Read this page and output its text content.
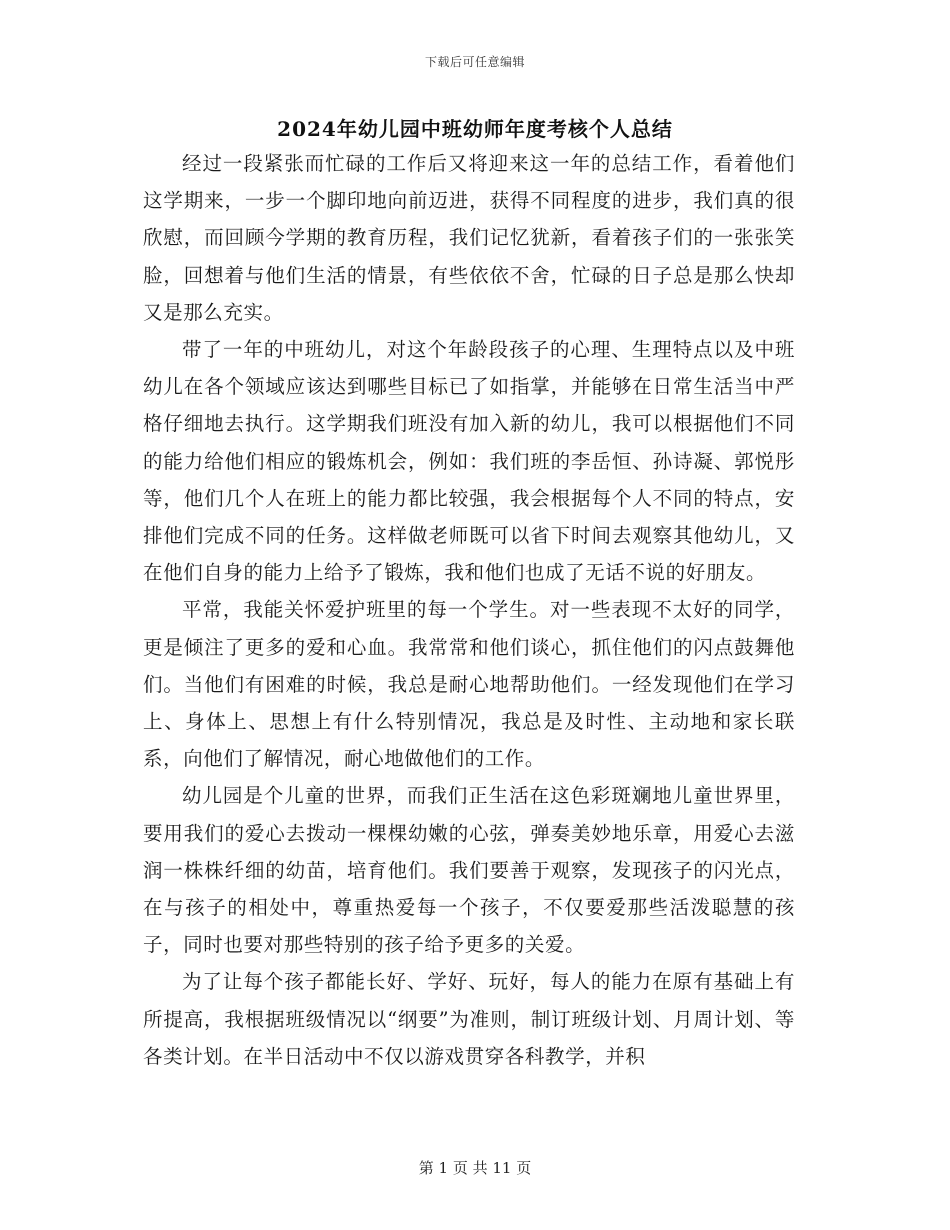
下载后可任意编辑
2024年幼儿园中班幼师年度考核个人总结

经过一段紧张而忙碌的工作后又将迎来这一年的总结工作，看着他们这学期来，一步一个脚印地向前迈进，获得不同程度的进步，我们真的很欣慰，而回顾今学期的教育历程，我们记忆犹新，看着孩子们的一张张笑脸，回想着与他们生活的情景，有些依依不舍，忙碌的日子总是那么快却又是那么充实。

带了一年的中班幼儿，对这个年龄段孩子的心理、生理特点以及中班幼儿在各个领域应该达到哪些目标已了如指掌，并能够在日常生活当中严格仔细地去执行。这学期我们班没有加入新的幼儿，我可以根据他们不同的能力给他们相应的锻炼机会，例如：我们班的李岳恒、孙诗凝、郭悦彤等，他们几个人在班上的能力都比较强，我会根据每个人不同的特点，安排他们完成不同的任务。这样做老师既可以省下时间去观察其他幼儿，又在他们自身的能力上给予了锻炼，我和他们也成了无话不说的好朋友。

平常，我能关怀爱护班里的每一个学生。对一些表现不太好的同学，更是倾注了更多的爱和心血。我常常和他们谈心，抓住他们的闪点鼓舞他们。当他们有困难的时候，我总是耐心地帮助他们。一经发现他们在学习上、身体上、思想上有什么特别情况，我总是及时性、主动地和家长联系，向他们了解情况，耐心地做他们的工作。

幼儿园是个儿童的世界，而我们正生活在这色彩斑斓地儿童世界里，要用我们的爱心去拨动一棵棵幼嫩的心弦，弹奏美妙地乐章，用爱心去滋润一株株纤细的幼苗，培育他们。我们要善于观察，发现孩子的闪光点，在与孩子的相处中，尊重热爱每一个孩子，不仅要爱那些活泼聪慧的孩子，同时也要对那些特别的孩子给予更多的关爱。

为了让每个孩子都能长好、学好、玩好，每人的能力在原有基础上有所提高，我根据班级情况以“纲要”为准则，制订班级计划、月周计划、等各类计划。在半日活动中不仅以游戏贯穿各科教学，并积

第 1 页 共 11 页
